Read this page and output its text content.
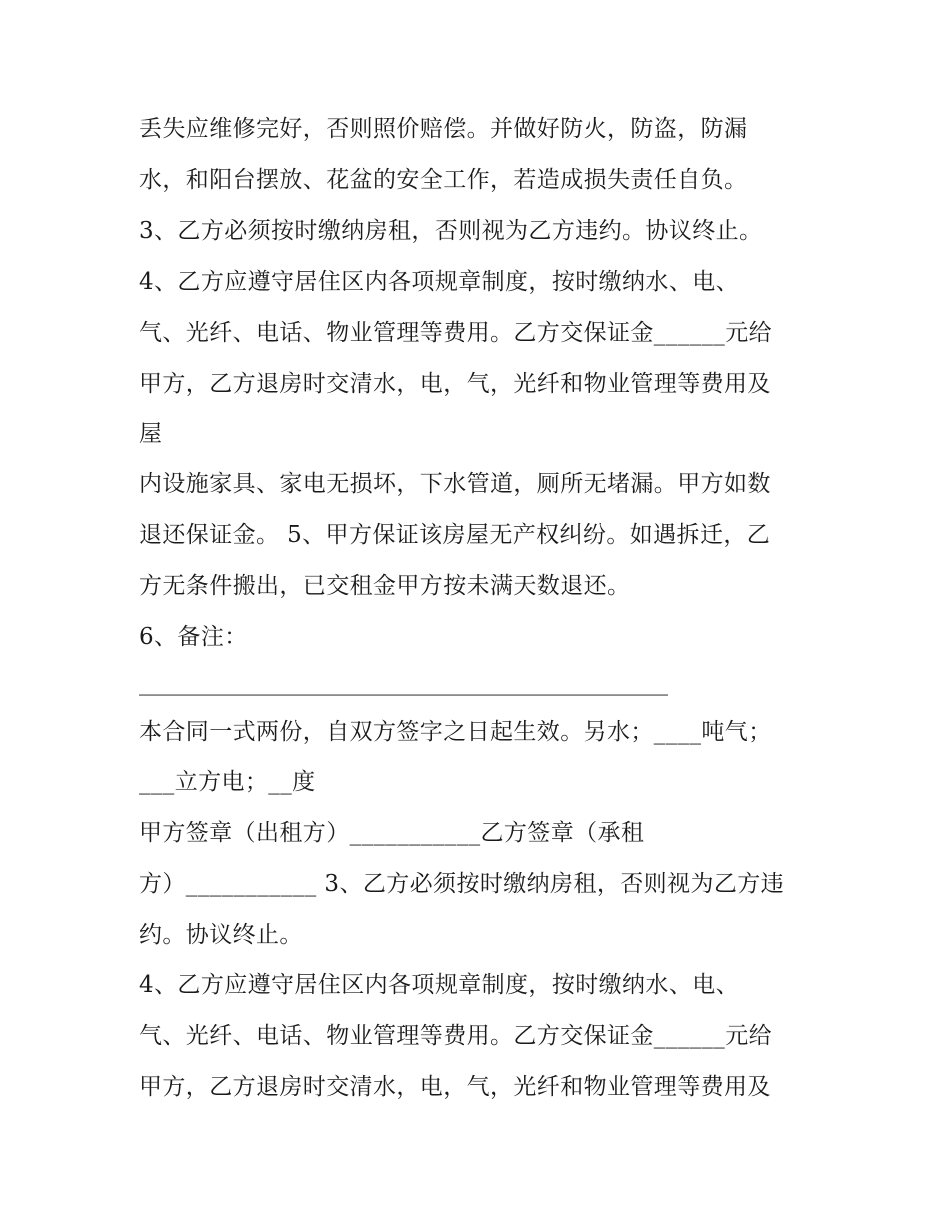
丢失应维修完好，否则照价赔偿。并做好防火，防盗，防漏
水，和阳台摆放、花盆的安全工作，若造成损失责任自负。
3、乙方必须按时缴纳房租，否则视为乙方违约。协议终止。
4、乙方应遵守居住区内各项规章制度，按时缴纳水、电、
气、光纤、电话、物业管理等费用。乙方交保证金______元给
甲方，乙方退房时交清水，电，气，光纤和物业管理等费用及
屋
内设施家具、家电无损坏，下水管道，厕所无堵漏。甲方如数
退还保证金。 5、甲方保证该房屋无产权纠纷。如遇拆迁，乙
方无条件搬出，已交租金甲方按未满天数退还。
6、备注：
______________________________________________
本合同一式两份，自双方签字之日起生效。另水；____吨气；
___立方电；__度
甲方签章（出租方）___________乙方签章（承租
方）___________ 3、乙方必须按时缴纳房租，否则视为乙方违
约。协议终止。
4、乙方应遵守居住区内各项规章制度，按时缴纳水、电、
气、光纤、电话、物业管理等费用。乙方交保证金______元给
甲方，乙方退房时交清水，电，气，光纤和物业管理等费用及
